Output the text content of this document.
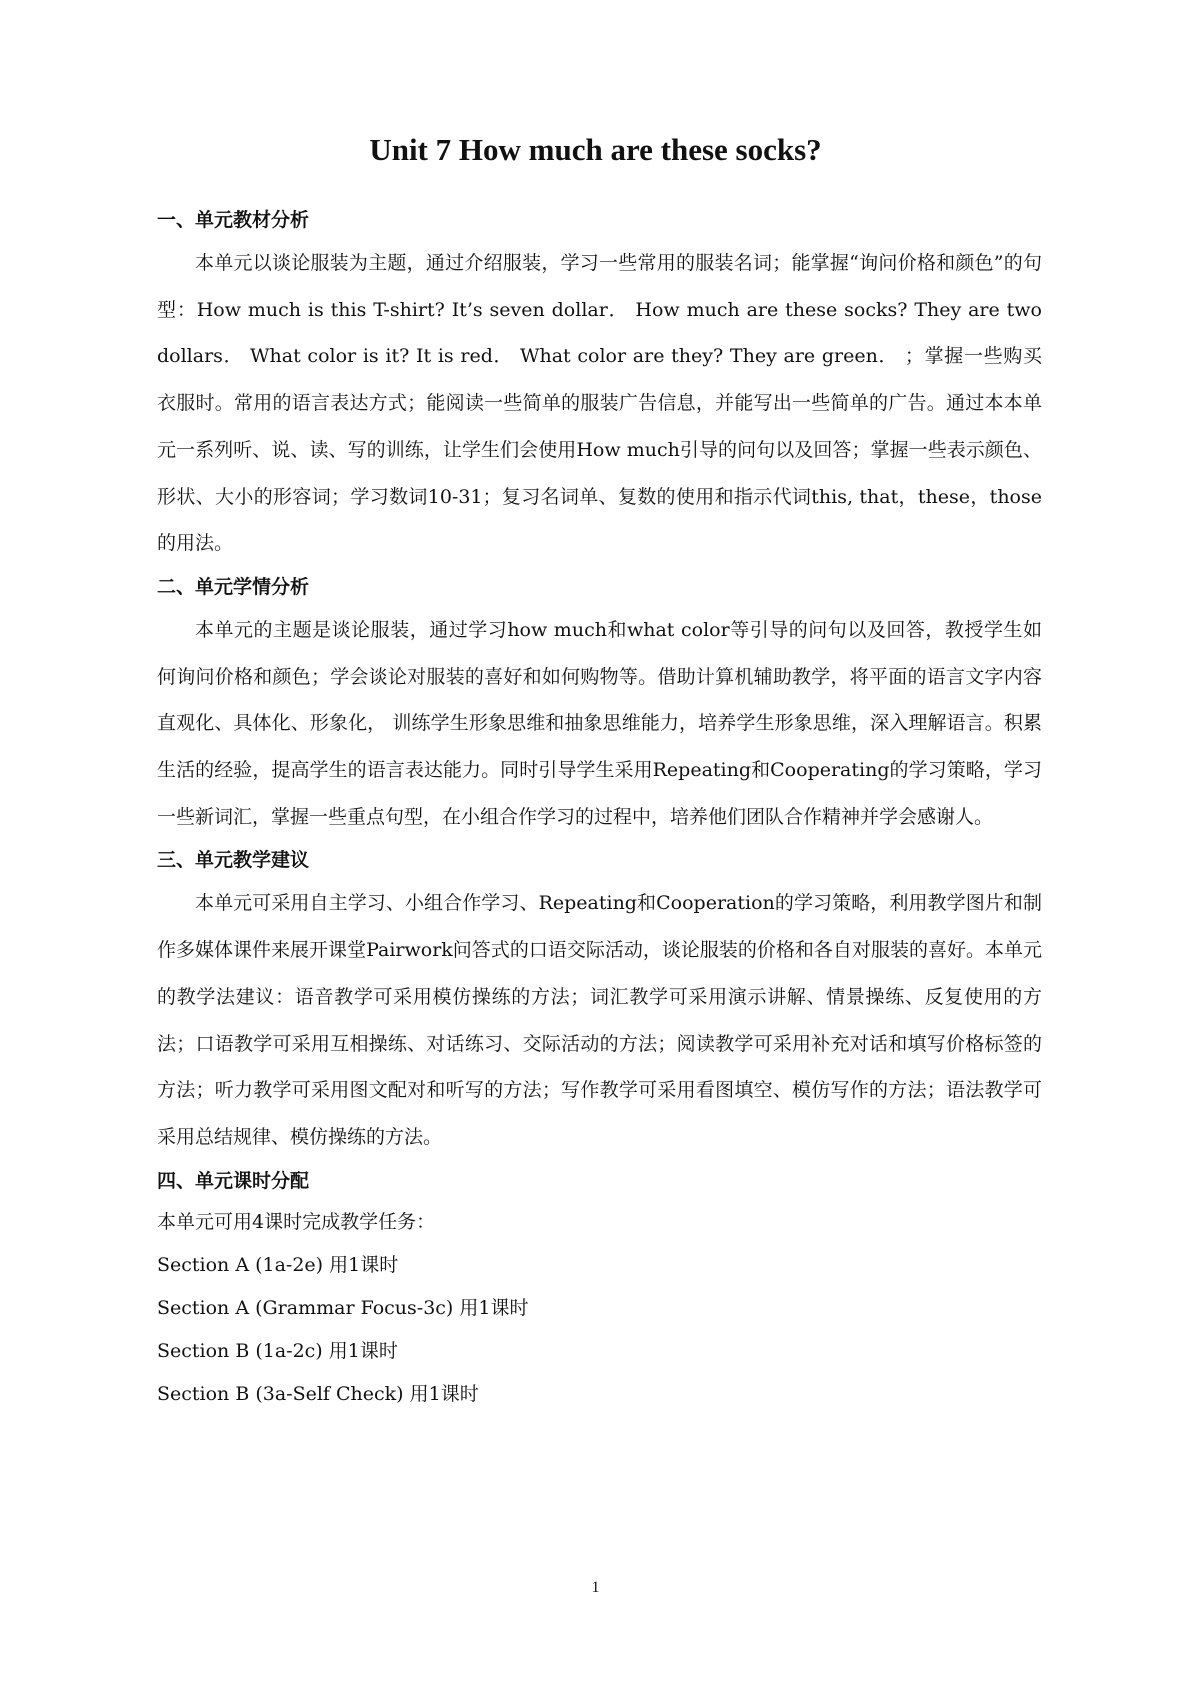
Unit 7 How much are these socks?
一、单元教材分析

本单元以谈论服装为主题，通过介绍服装，学习一些常用的服装名词；能掌握“询问价格和颜色”的句型：How much is this T-shirt? It’s seven dollar． How much are these socks? They are two dollars． What color is it? It is red． What color are they? They are green． ；掌握一些购买衣服时。常用的语言表达方式；能阅读一些简单的服装广告信息，并能写出一些简单的广告。通过本本单元一系列听、说、读、写的训练，让学生们会使用How much引导的问句以及回答；掌握一些表示颜色、形状、大小的形容词；学习数词10-31；复习名词单、复数的使用和指示代词this, that，these，those的用法。

二、单元学情分析

本单元的主题是谈论服装，通过学习how much和what color等引导的问句以及回答，教授学生如何询问价格和颜色；学会谈论对服装的喜好和如何购物等。借助计算机辅助教学，将平面的语言文字内容直观化、具体化、形象化， 训练学生形象思维和抽象思维能力，培养学生形象思维，深入理解语言。积累生活的经验，提高学生的语言表达能力。同时引导学生采用Repeating和Cooperating的学习策略，学习一些新词汇，掌握一些重点句型，在小组合作学习的过程中，培养他们团队合作精神并学会感谢人。

三、单元教学建议

本单元可采用自主学习、小组合作学习、Repeating和Cooperation的学习策略，利用教学图片和制作多媒体课件来展开课堂Pairwork问答式的口语交际活动，谈论服装的价格和各自对服装的喜好。本单元的教学法建议：语音教学可采用模仿操练的方法；词汇教学可采用演示讲解、情景操练、反复使用的方法；口语教学可采用互相操练、对话练习、交际活动的方法；阅读教学可采用补充对话和填写价格标签的方法；听力教学可采用图文配对和听写的方法；写作教学可采用看图填空、模仿写作的方法；语法教学可采用总结规律、模仿操练的方法。

四、单元课时分配

本单元可用4课时完成教学任务：

Section A (1a-2e) 用1课时

Section A (Grammar Focus-3c) 用1课时

Section B (1a-2c) 用1课时

Section B (3a-Self Check) 用1课时

1
